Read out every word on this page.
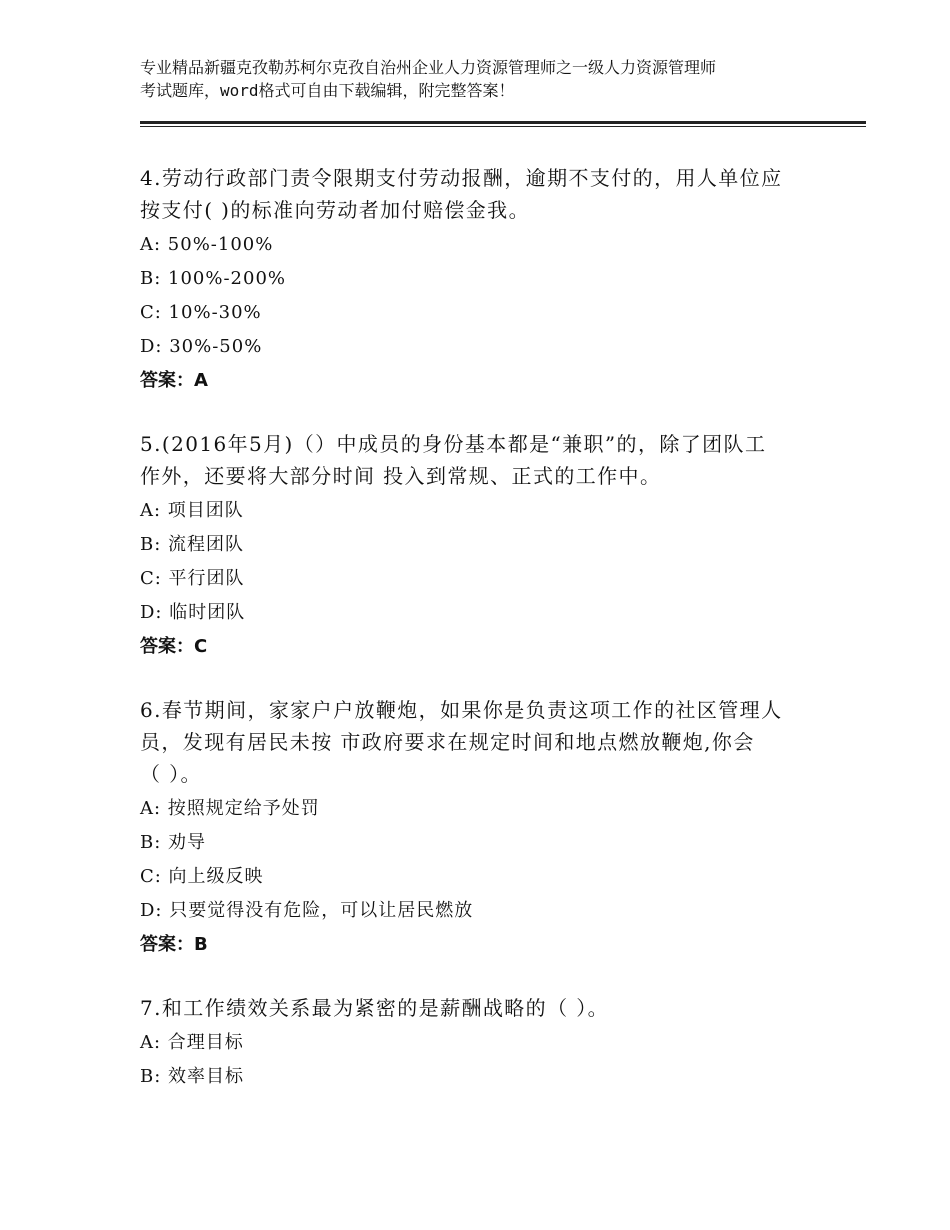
专业精品新疆克孜勒苏柯尔克孜自治州企业人力资源管理师之一级人力资源管理师
考试题库，word格式可自由下载编辑，附完整答案！
4.劳动行政部门责令限期支付劳动报酬，逾期不支付的，用人单位应
按支付( )的标准向劳动者加付赔偿金我。
A: 50%-100%
B: 100%-200%
C: 10%-30%
D: 30%-50%
答案：A
5.(2016年5月)（）中成员的身份基本都是“兼职”的，除了团队工
作外，还要将大部分时间 投入到常规、正式的工作中。
A: 项目团队
B: 流程团队
C: 平行团队
D: 临时团队
答案：C
6.春节期间，家家户户放鞭炮，如果你是负责这项工作的社区管理人
员，发现有居民未按 市政府要求在规定时间和地点燃放鞭炮,你会
（ ）。
A: 按照规定给予处罚
B: 劝导
C: 向上级反映
D: 只要觉得没有危险，可以让居民燃放
答案：B
7.和工作绩效关系最为紧密的是薪酬战略的（ ）。
A: 合理目标
B: 效率目标
